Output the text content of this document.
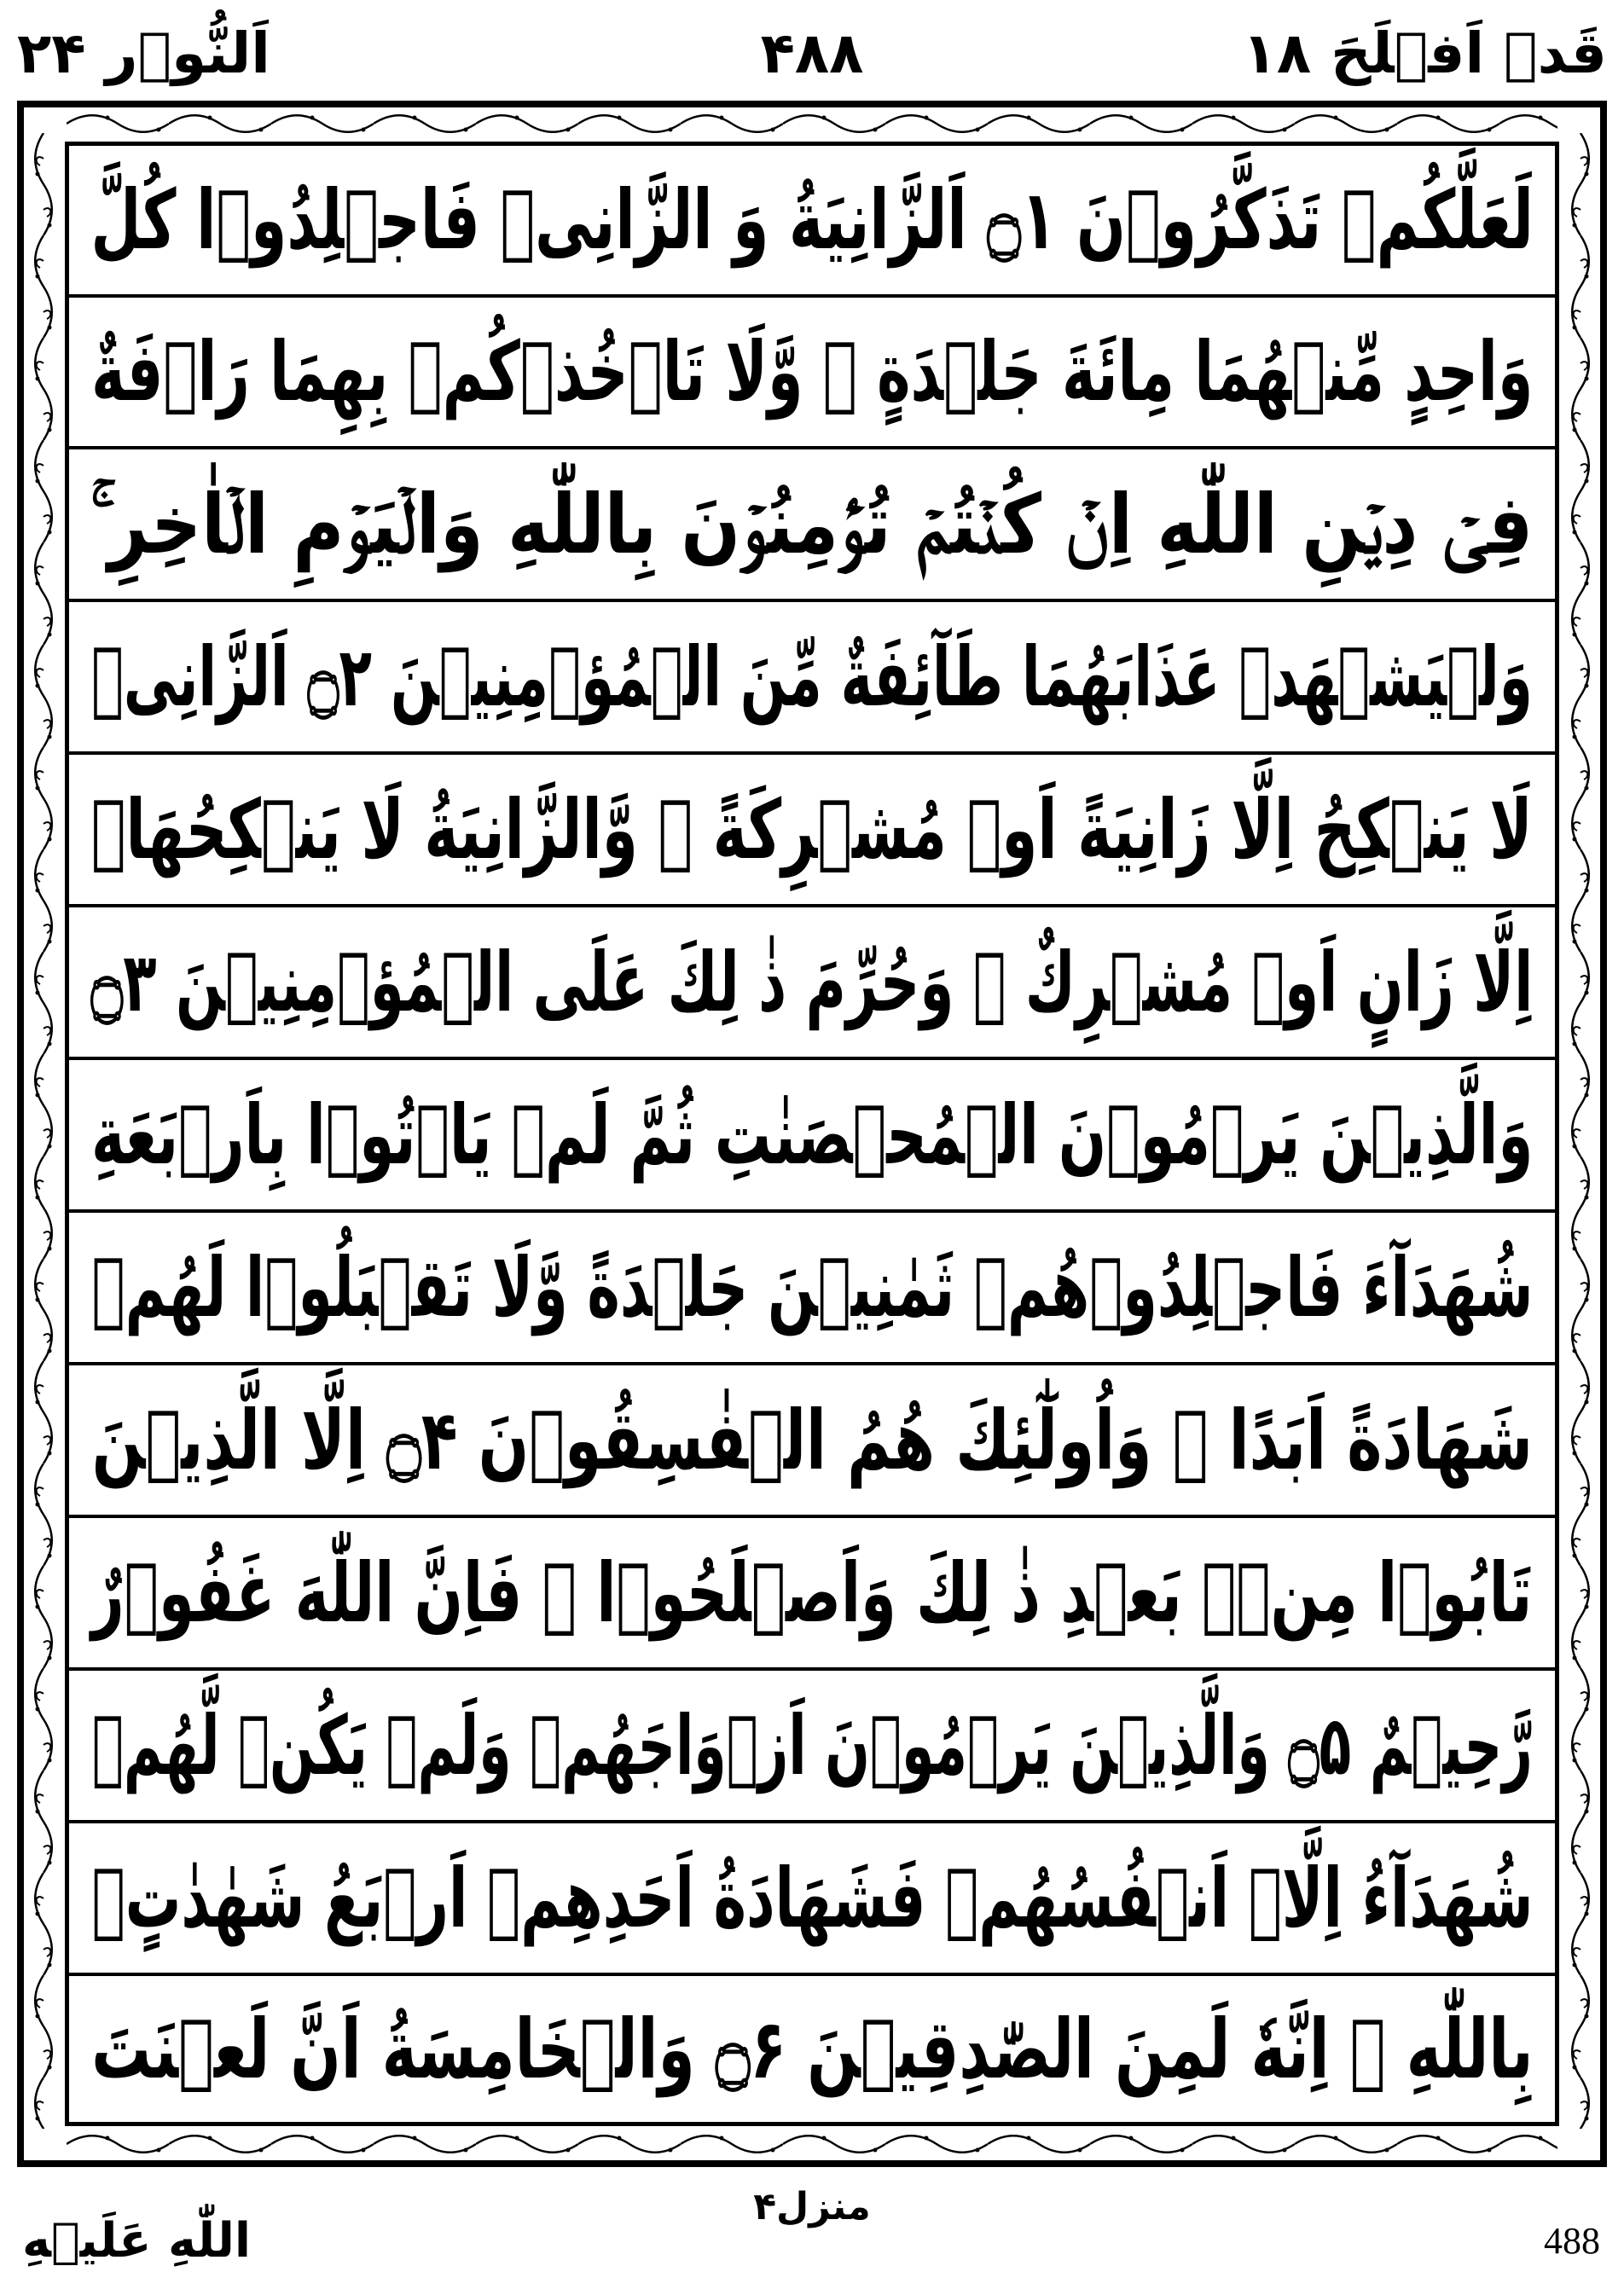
قَدۡ اَفۡلَحَ ۱۸
۴۸۸
اَلنُّوۡر ۲۴
لَعَلَّكُمۡ تَذَكَّرُوۡنَ ۝۱ اَلزَّانِيَةُ وَ الزَّانِىۡ فَاجۡلِدُوۡا كُلَّ
وَاحِدٍ مِّنۡهُمَا مِائَةَ جَلۡدَةٍ ۖ وَّلَا تَاۡخُذۡكُمۡ بِهِمَا رَاۡفَةٌ
فِىۡ دِيۡنِ اللّٰهِ اِنۡ كُنۡتُمۡ تُؤۡمِنُوۡنَ بِاللّٰهِ وَالۡيَوۡمِ الۡاٰخِرِ ۚ
وَلۡيَشۡهَدۡ عَذَابَهُمَا طَآئِفَةٌ مِّنَ الۡمُؤۡمِنِيۡنَ ۝۲ اَلزَّانِىۡ
لَا يَنۡكِحُ اِلَّا زَانِيَةً اَوۡ مُشۡرِكَةً ۖ وَّالزَّانِيَةُ لَا يَنۡكِحُهَاۤ
اِلَّا زَانٍ اَوۡ مُشۡرِكٌ ۚ وَحُرِّمَ ذٰ لِكَ عَلَى الۡمُؤۡمِنِيۡنَ ۝۳
وَالَّذِيۡنَ يَرۡمُوۡنَ الۡمُحۡصَنٰتِ ثُمَّ لَمۡ يَاۡتُوۡا بِاَرۡبَعَةِ
شُهَدَآءَ فَاجۡلِدُوۡهُمۡ ثَمٰنِيۡنَ جَلۡدَةً وَّلَا تَقۡبَلُوۡا لَهُمۡ
شَهَادَةً اَبَدًا ۚ وَاُولٰٓئِكَ هُمُ الۡفٰسِقُوۡنَ ۝۴ اِلَّا الَّذِيۡنَ
تَابُوۡا مِنۡۢ بَعۡدِ ذٰ لِكَ وَاَصۡلَحُوۡا ۚ فَاِنَّ اللّٰهَ غَفُوۡرٌ
رَّحِيۡمٌ ۝۵ وَالَّذِيۡنَ يَرۡمُوۡنَ اَزۡوَاجَهُمۡ وَلَمۡ يَكُنۡ لَّهُمۡ
شُهَدَآءُ اِلَّاۤ اَنۡفُسُهُمۡ فَشَهَادَةُ اَحَدِهِمۡ اَرۡبَعُ شَهٰدٰتٍۢ
بِاللّٰهِ ۙ اِنَّهٗ لَمِنَ الصّٰدِقِيۡنَ ۝۶ وَالۡخَامِسَةُ اَنَّ لَعۡنَتَ
اللّٰهِ عَلَيۡهِ
منزل۴
488
